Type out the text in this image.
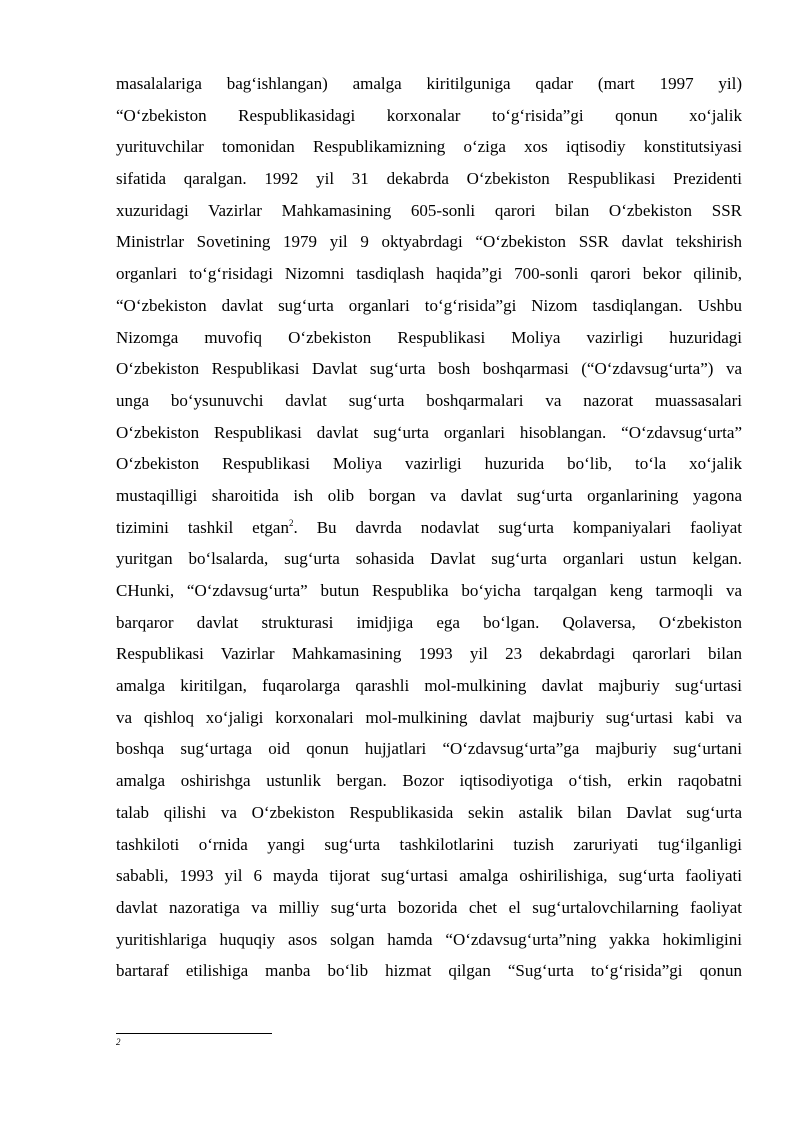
masalalariga bag‘ishlangan) amalga kiritilguniga qadar (mart 1997 yil)
“O‘zbekiston Respublikasidagi korxonalar to‘g‘risida”gi qonun xo‘jalik
yurituvchilar tomonidan Respublikamizning o‘ziga xos iqtisodiy konstitutsiyasi
sifatida qaralgan. 1992 yil 31 dekabrda O‘zbekiston Respublikasi Prezidenti
xuzuridagi Vazirlar Mahkamasining 605-sonli qarori bilan O‘zbekiston SSR
Ministrlar Sovetining 1979 yil 9 oktyabrdagi “O‘zbekiston SSR davlat tekshirish
organlari to‘g‘risidagi Nizomni tasdiqlash haqida”gi 700-sonli qarori bekor qilinib,
“O‘zbekiston davlat sug‘urta organlari to‘g‘risida”gi Nizom tasdiqlangan. Ushbu
Nizomga muvofiq O‘zbekiston Respublikasi Moliya vazirligi huzuridagi
O‘zbekiston Respublikasi Davlat sug‘urta bosh boshqarmasi (“O‘zdavsug‘urta”) va
unga bo‘ysunuvchi davlat sug‘urta boshqarmalari va nazorat muassasalari
O‘zbekiston Respublikasi davlat sug‘urta organlari hisoblangan. “O‘zdavsug‘urta”
O‘zbekiston Respublikasi Moliya vazirligi huzurida bo‘lib, to‘la xo‘jalik
mustaqilligi sharoitida ish olib borgan va davlat sug‘urta organlarining yagona
tizimini tashkil etgan$^2$. Bu davrda nodavlat sug‘urta kompaniyalari faoliyat
yuritgan bo‘lsalarda, sug‘urta sohasida Davlat sug‘urta organlari ustun kelgan.
CHunki, “O‘zdavsug‘urta” butun Respublika bo‘yicha tarqalgan keng tarmoqli va
barqaror davlat strukturasi imidjiga ega bo‘lgan. Qolaversa, O‘zbekiston
Respublikasi Vazirlar Mahkamasining 1993 yil 23 dekabrdagi qarorlari bilan
amalga kiritilgan, fuqarolarga qarashli mol-mulkining davlat majburiy sug‘urtasi
va qishloq xo‘jaligi korxonalari mol-mulkining davlat majburiy sug‘urtasi kabi va
boshqa sug‘urtaga oid qonun hujjatlari “O‘zdavsug‘urta”ga majburiy sug‘urtani
amalga oshirishga ustunlik bergan. Bozor iqtisodiyotiga o‘tish, erkin raqobatni
talab qilishi va O‘zbekiston Respublikasida sekin astalik bilan Davlat sug‘urta
tashkiloti o‘rnida yangi sug‘urta tashkilotlarini tuzish zaruriyati tug‘ilganligi
sababli, 1993 yil 6 mayda tijorat sug‘urtasi amalga oshirilishiga, sug‘urta faoliyati
davlat nazoratiga va milliy sug‘urta bozorida chet el sug‘urtalovchilarning faoliyat
yuritishlariga huquqiy asos solgan hamda “O‘zdavsug‘urta”ning yakka hokimligini
bartaraf etilishiga manba bo‘lib hizmat qilgan “Sug‘urta to‘g‘risida”gi qonun
2
